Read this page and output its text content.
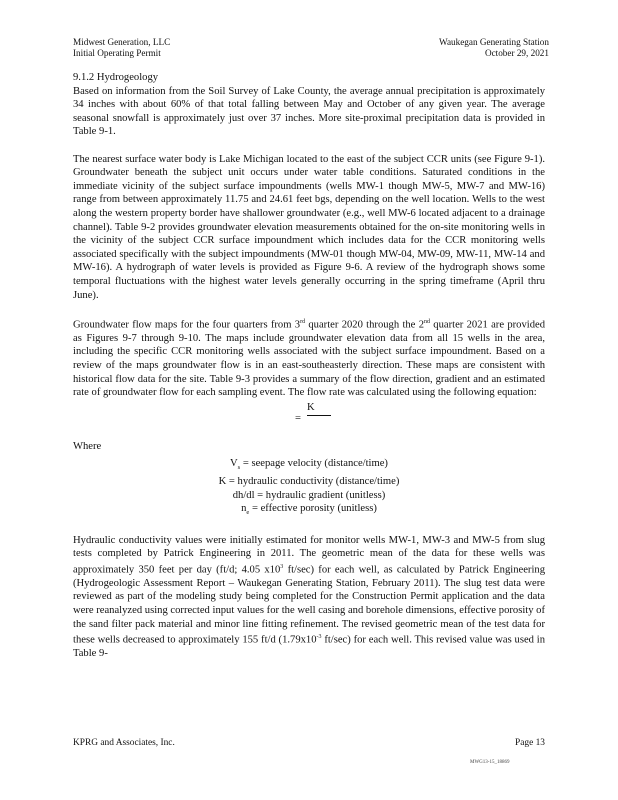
Midwest Generation, LLC
Initial Operating Permit
Waukegan Generating Station
October 29, 2021

9.1.2 Hydrogeology

Based on information from the Soil Survey of Lake County, the average annual precipitation is approximately 34 inches with about 60% of that total falling between May and October of any given year. The average seasonal snowfall is approximately just over 37 inches. More site-proximal precipitation data is provided in Table 9-1.

The nearest surface water body is Lake Michigan located to the east of the subject CCR units (see Figure 9-1). Groundwater beneath the subject unit occurs under water table conditions. Saturated conditions in the immediate vicinity of the subject surface impoundments (wells MW-1 though MW-5, MW-7 and MW-16) range from between approximately 11.75 and 24.61 feet bgs, depending on the well location. Wells to the west along the western property border have shallower groundwater (e.g., well MW-6 located adjacent to a drainage channel). Table 9-2 provides groundwater elevation measurements obtained for the on-site monitoring wells in the vicinity of the subject CCR surface impoundment which includes data for the CCR monitoring wells associated specifically with the subject impoundments (MW-01 though MW-04, MW-09, MW-11, MW-14 and MW-16). A hydrograph of water levels is provided as Figure 9-6. A review of the hydrograph shows some temporal fluctuations with the highest water levels generally occurring in the spring timeframe (April thru June).

Groundwater flow maps for the four quarters from 3rd quarter 2020 through the 2nd quarter 2021 are provided as Figures 9-7 through 9-10. The maps include groundwater elevation data from all 15 wells in the area, including the specific CCR monitoring wells associated with the subject surface impoundment. Based on a review of the maps groundwater flow is in an east-southeasterly direction. These maps are consistent with historical flow data for the site. Table 9-3 provides a summary of the flow direction, gradient and an estimated rate of groundwater flow for each sampling event. The flow rate was calculated using the following equation:

=
K

Where

$V_s$ = seepage velocity (distance/time)
K = hydraulic conductivity (distance/time)
dh/dl = hydraulic gradient (unitless)
$n_e$ = effective porosity (unitless)

Hydraulic conductivity values were initially estimated for monitor wells MW-1, MW-3 and MW-5 from slug tests completed by Patrick Engineering in 2011. The geometric mean of the data for these wells was approximately 350 feet per day (ft/d; 4.05 $x10^3$ ft/sec) for each well, as calculated by Patrick Engineering (Hydrogeologic Assessment Report – Waukegan Generating Station, February 2011). The slug test data were reviewed as part of the modeling study being completed for the Construction Permit application and the data were reanalyzed using corrected input values for the well casing and borehole dimensions, effective porosity of the sand filter pack material and minor line fitting refinement. The revised geometric mean of the test data for these wells decreased to approximately 155 ft/d ($1.79x10^{-3}$ ft/sec) for each well. This revised value was used in Table 9-

KPRG and Associates, Inc.	Page 13
MWG13-15_18869
